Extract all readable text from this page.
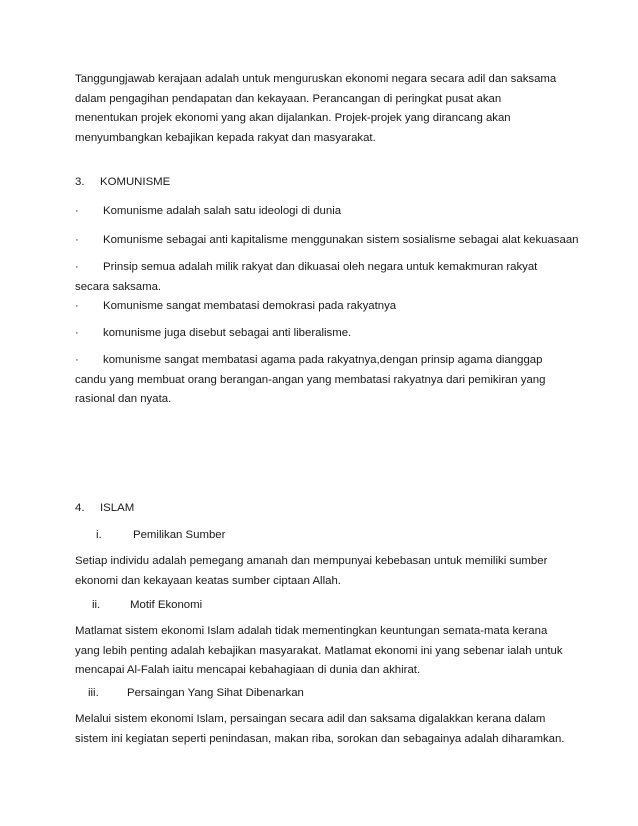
Tanggungjawab kerajaan adalah untuk menguruskan ekonomi negara secara adil dan saksama dalam pengagihan pendapatan dan kekayaan. Perancangan di peringkat pusat akan menentukan projek ekonomi yang akan dijalankan. Projek-projek yang dirancang akan menyumbangkan kebajikan kepada rakyat dan masyarakat.

3. KOMUNISME
· Komunisme adalah salah satu ideologi di dunia
· Komunisme sebagai anti kapitalisme menggunakan sistem sosialisme sebagai alat kekuasaan
·	Prinsip semua adalah milik rakyat dan dikuasai oleh negara untuk kemakmuran rakyat secara saksama.

· Komunisme sangat membatasi demokrasi pada rakyatnya
· komunisme juga disebut sebagai anti liberalisme.
·	komunisme sangat membatasi agama pada rakyatnya,dengan prinsip agama dianggap candu yang membuat orang berangan-angan yang membatasi rakyatnya dari pemikiran yang rasional dan nyata.

4. ISLAM
i.	Pemilikan Sumber

Setiap individu adalah pemegang amanah dan mempunyai kebebasan untuk memiliki sumber ekonomi dan kekayaan keatas sumber ciptaan Allah.

ii.	Motif Ekonomi

Matlamat sistem ekonomi Islam adalah tidak mementingkan keuntungan semata-mata kerana yang lebih penting adalah kebajikan masyarakat. Matlamat ekonomi ini yang sebenar ialah untuk mencapai Al-Falah iaitu mencapai kebahagiaan di dunia dan akhirat.

iii. Persaingan Yang Sihat Dibenarkan

Melalui sistem ekonomi Islam, persaingan secara adil dan saksama digalakkan kerana dalam sistem ini kegiatan seperti penindasan, makan riba, sorokan dan sebagainya adalah diharamkan.
